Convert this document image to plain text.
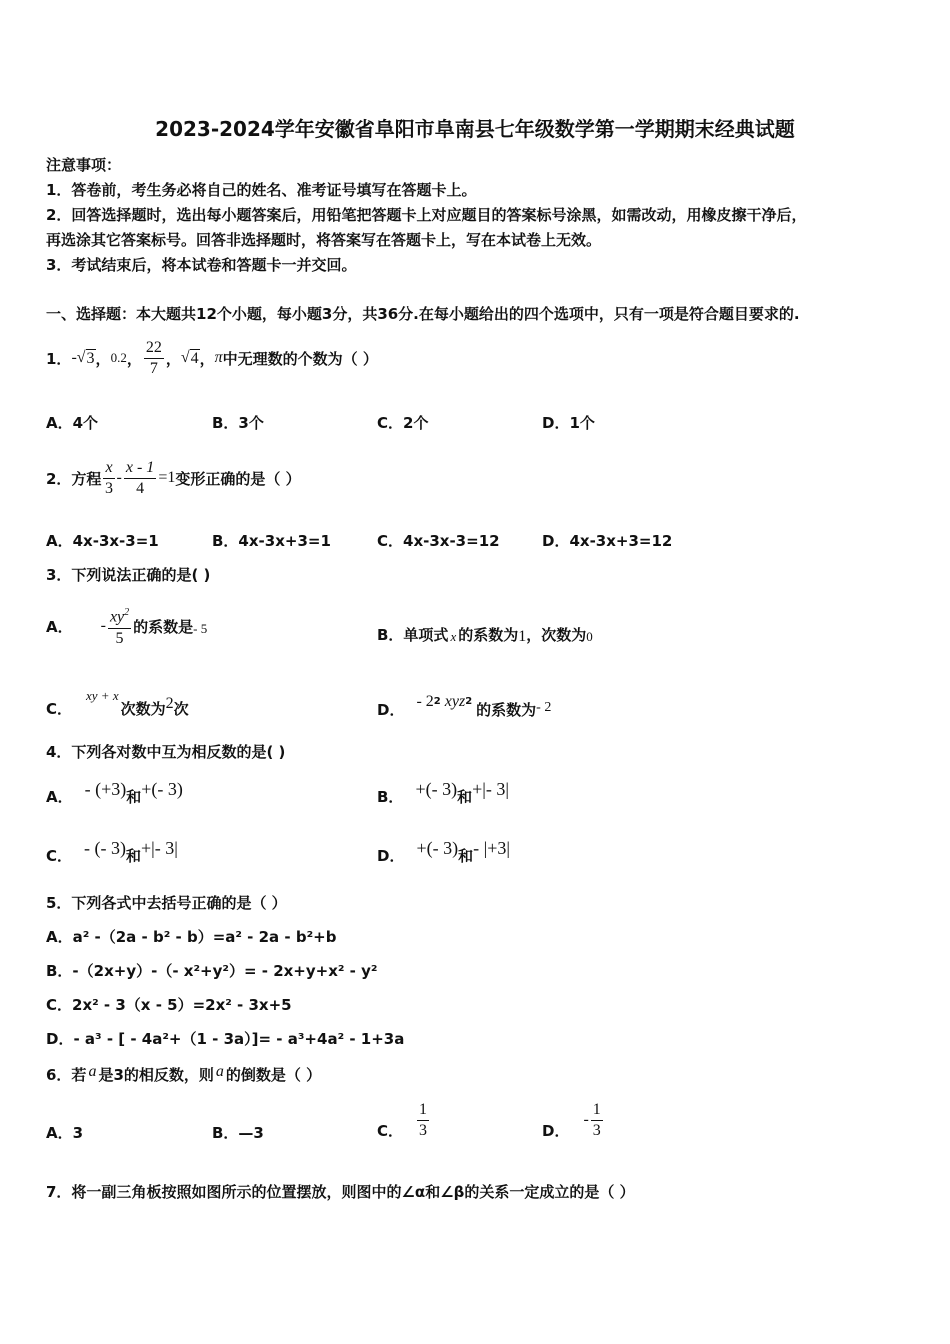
2023-2024学年安徽省阜阳市阜南县七年级数学第一学期期末经典试题
注意事项：
1．答卷前，考生务必将自己的姓名、准考证号填写在答题卡上。
2．回答选择题时，选出每小题答案后，用铅笔把答题卡上对应题目的答案标号涂黑，如需改动，用橡皮擦干净后，
再选涂其它答案标号。回答非选择题时，将答案写在答题卡上，写在本试卷上无效。
3．考试结束后，将本试卷和答题卡一并交回。
一、选择题：本大题共12个小题，每小题3分，共36分.在每小题给出的四个选项中，只有一项是符合题目要求的.
1． - √ 3 ， 0.2 ， $\frac{22}{7}$ ， √ 4 ， π 中无理数的个数为（ ）
A．4个	B．3个	C．2个	D．1个
2．方程 $\frac{x}{3} - \frac{x - 1}{4} =1$ 变形正确的是（ ）
A．4x-3x-3=1	B．4x-3x+3=1	C．4x-3x-3=12	D．4x-3x+3=12
3．下列说法正确的是( )
A． - $\frac{xy^2}{5}$ 的系数是 - 5	B．单项式 x 的系数为 1 ，次数为 0
C．
xy + x
次数为 2 次	D． - 2 2 xyz 2 的系数为 - 2
4．下列各对数中互为相反数的是( )
A． - (+3) 和 +(- 3)	B． +(- 3) 和 +|- 3|
C． - (- 3) 和 +|- 3|	D． +(- 3) 和 - |+3|
5．下列各式中去括号正确的是（ ）
A．a² -（2a - b² - b）=a² - 2a - b²+b
B．-（2x+y）-（- x²+y²）= - 2x+y+x² - y²
C．2x² - 3（x - 5）=2x² - 3x+5
D．- a³ - [ - 4a²+（1 - 3a）]= - a³+4a² - 1+3a
6．若 a 是3的相反数，则 a 的倒数是（ ）
A．3	B．—3	C． $\frac{1}{3}$	D．
- $\frac{1}{3}$
7．将一副三角板按照如图所示的位置摆放，则图中的∠α和∠β的关系一定成立的是（ ）
